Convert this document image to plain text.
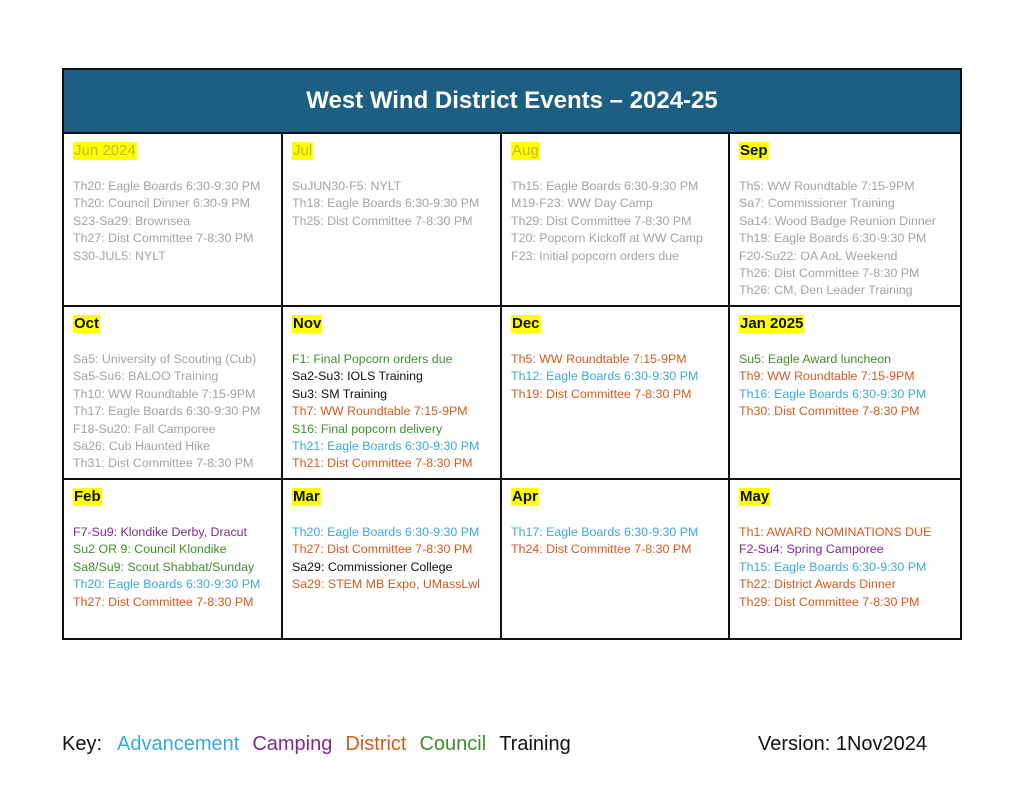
West Wind District Events – 2024-25
Jun 2024
Th20: Eagle Boards 6:30-9:30 PM
Th20: Council Dinner 6:30-9 PM
S23-Sa29: Brownsea
Th27: Dist Committee 7-8:30 PM
S30-JUL5: NYLT
Jul
SuJUN30-F5: NYLT
Th18: Eagle Boards 6:30-9:30 PM
Th25: Dist Committee 7-8:30 PM
Aug
Th15: Eagle Boards 6:30-9:30 PM
M19-F23: WW Day Camp
Th29: Dist Committee 7-8:30 PM
T20: Popcorn Kickoff at WW Camp
F23: Initial popcorn orders due
Sep
Th5: WW Roundtable 7:15-9PM
Sa7: Commissioner Training
Sa14: Wood Badge Reunion Dinner
Th19: Eagle Boards 6:30-9:30 PM
F20-Su22: OA AoL Weekend
Th26: Dist Committee 7-8:30 PM
Th26: CM, Den Leader Training
Oct
Sa5: University of Scouting (Cub)
Sa5-Su6: BALOO Training
Th10: WW Roundtable 7:15-9PM
Th17: Eagle Boards 6:30-9:30 PM
F18-Su20: Fall Camporee
Sa26: Cub Haunted Hike
Th31: Dist Committee 7-8:30 PM
Nov
F1: Final Popcorn orders due
Sa2-Su3: IOLS Training
Su3: SM Training
Th7: WW Roundtable 7:15-9PM
S16: Final popcorn delivery
Th21: Eagle Boards 6:30-9:30 PM
Th21: Dist Committee 7-8:30 PM
Dec
Th5: WW Roundtable 7:15-9PM
Th12: Eagle Boards 6:30-9:30 PM
Th19: Dist Committee 7-8:30 PM
Jan 2025
Su5: Eagle Award luncheon
Th9: WW Roundtable 7:15-9PM
Th16: Eagle Boards 6:30-9:30 PM
Th30: Dist Committee 7-8:30 PM
Feb
F7-Su9: Klondike Derby, Dracut
Su2 OR 9: Council Klondike
Sa8/Su9: Scout Shabbat/Sunday
Th20: Eagle Boards 6:30-9:30 PM
Th27: Dist Committee 7-8:30 PM
Mar
Th20: Eagle Boards 6:30-9:30 PM
Th27: Dist Committee 7-8:30 PM
Sa29: Commissioner College
Sa29: STEM MB Expo, UMassLwl
Apr
Th17: Eagle Boards 6:30-9:30 PM
Th24: Dist Committee 7-8:30 PM
May
Th1: AWARD NOMINATIONS DUE
F2-Su4: Spring Camporee
Th15: Eagle Boards 6:30-9:30 PM
Th22: District Awards Dinner
Th29: Dist Committee 7-8:30 PM
Key: Advancement Camping District Council Training	Version: 1Nov2024
